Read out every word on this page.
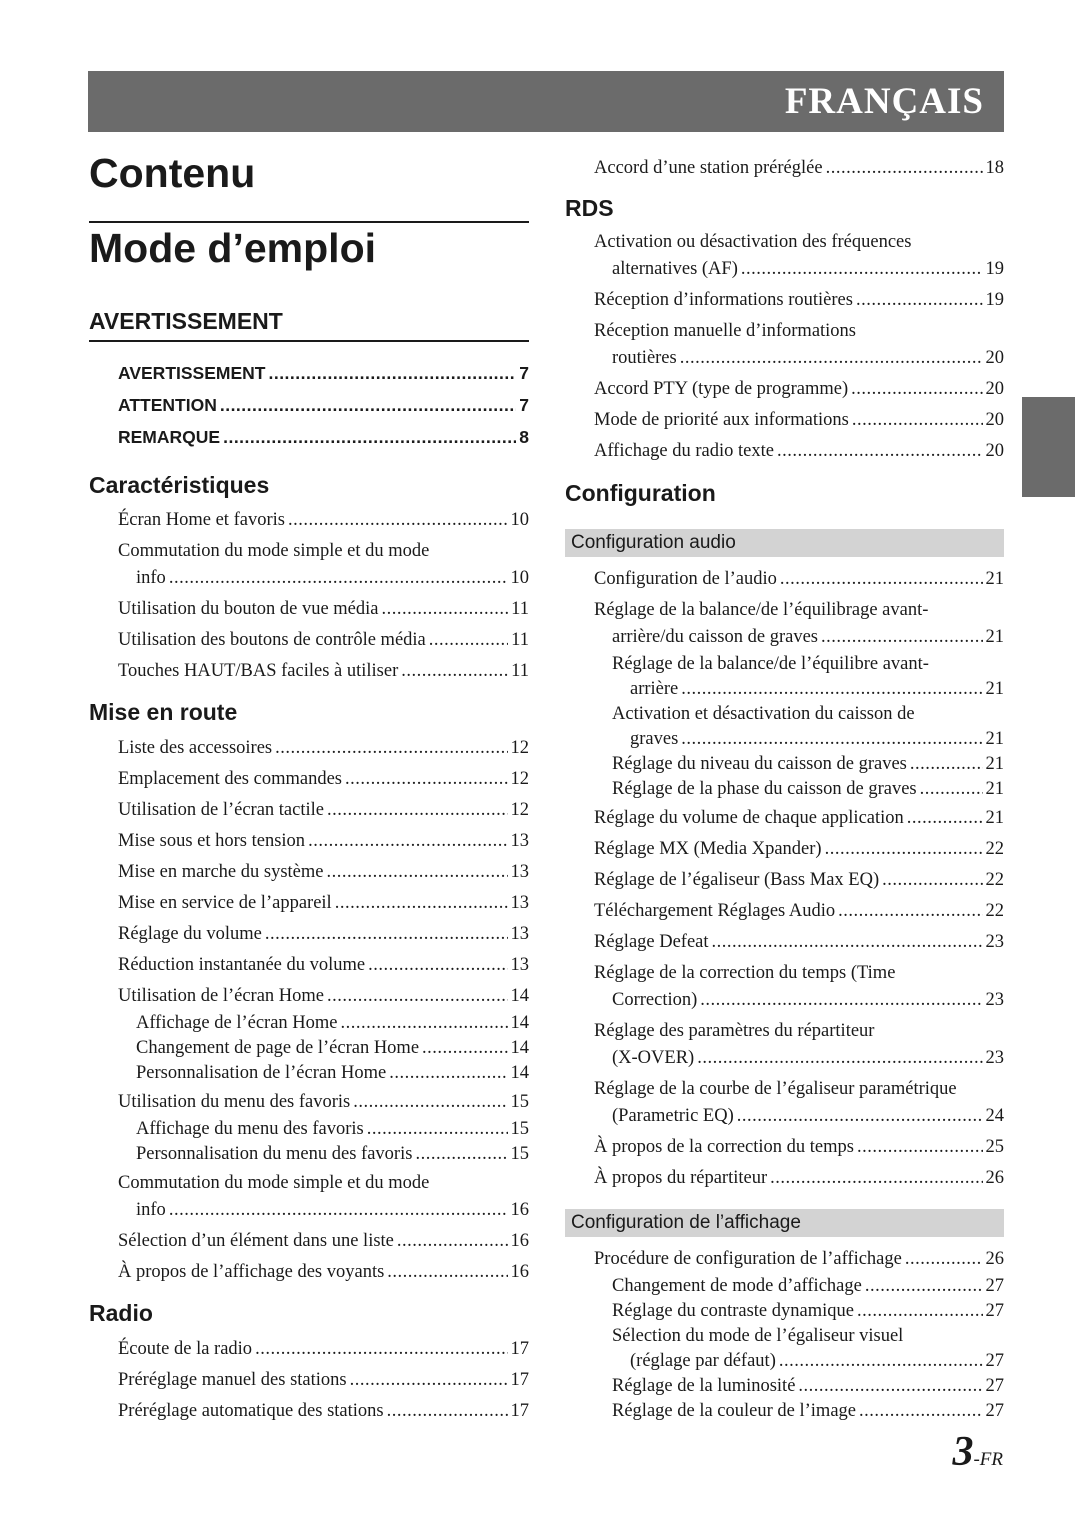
FRANÇAIS
Contenu
Mode d’emploi
AVERTISSEMENT
AVERTISSEMENT .....	7
ATTENTION .....	7
REMARQUE .....	8
Caractéristiques
Écran Home et favoris .....	10
Commutation du mode simple et du mode
info .....	10
Utilisation du bouton de vue média .....	11
Utilisation des boutons de contrôle média .....	11
Touches HAUT/BAS faciles à utiliser .....	11
Mise en route
Liste des accessoires .....	12
Emplacement des commandes .....	12
Utilisation de l’écran tactile .....	12
Mise sous et hors tension .....	13
Mise en marche du système .....	13
Mise en service de l’appareil .....	13
Réglage du volume .....	13
Réduction instantanée du volume .....	13
Utilisation de l’écran Home .....	14
Affichage de l’écran Home .....	14
Changement de page de l’écran Home .....	14
Personnalisation de l’écran Home .....	14
Utilisation du menu des favoris .....	15
Affichage du menu des favoris .....	15
Personnalisation du menu des favoris .....	15
Commutation du mode simple et du mode
info .....	16
Sélection d’un élément dans une liste .....	16
À propos de l’affichage des voyants .....	16
Radio
Écoute de la radio .....	17
Préréglage manuel des stations .....	17
Préréglage automatique des stations .....	17
Accord d’une station préréglée .....	18
RDS
Activation ou désactivation des fréquences
alternatives (AF) .....	19
Réception d’informations routières .....	19
Réception manuelle d’informations
routières .....	20
Accord PTY (type de programme) .....	20
Mode de priorité aux informations .....	20
Affichage du radio texte .....	20
Configuration
Configuration audio
Configuration de l’audio .....	21
Réglage de la balance/de l’équilibrage avant-
arrière/du caisson de graves .....	21
Réglage de la balance/de l’équilibre avant-
arrière .....	21
Activation et désactivation du caisson de
graves .....	21
Réglage du niveau du caisson de graves .....	21
Réglage de la phase du caisson de graves .....	21
Réglage du volume de chaque application .....	21
Réglage MX (Media Xpander) .....	22
Réglage de l’égaliseur (Bass Max EQ) .....	22
Téléchargement Réglages Audio .....	22
Réglage Defeat .....	23
Réglage de la correction du temps (Time
Correction) .....	23
Réglage des paramètres du répartiteur
(X-OVER) .....	23
Réglage de la courbe de l’égaliseur paramétrique
(Parametric EQ) .....	24
À propos de la correction du temps .....	25
À propos du répartiteur .....	26
Configuration de l’affichage
Procédure de configuration de l’affichage .....	26
Changement de mode d’affichage .....	27
Réglage du contraste dynamique .....	27
Sélection du mode de l’égaliseur visuel
(réglage par défaut) .....	27
Réglage de la luminosité .....	27
Réglage de la couleur de l’image .....	27
3-FR
